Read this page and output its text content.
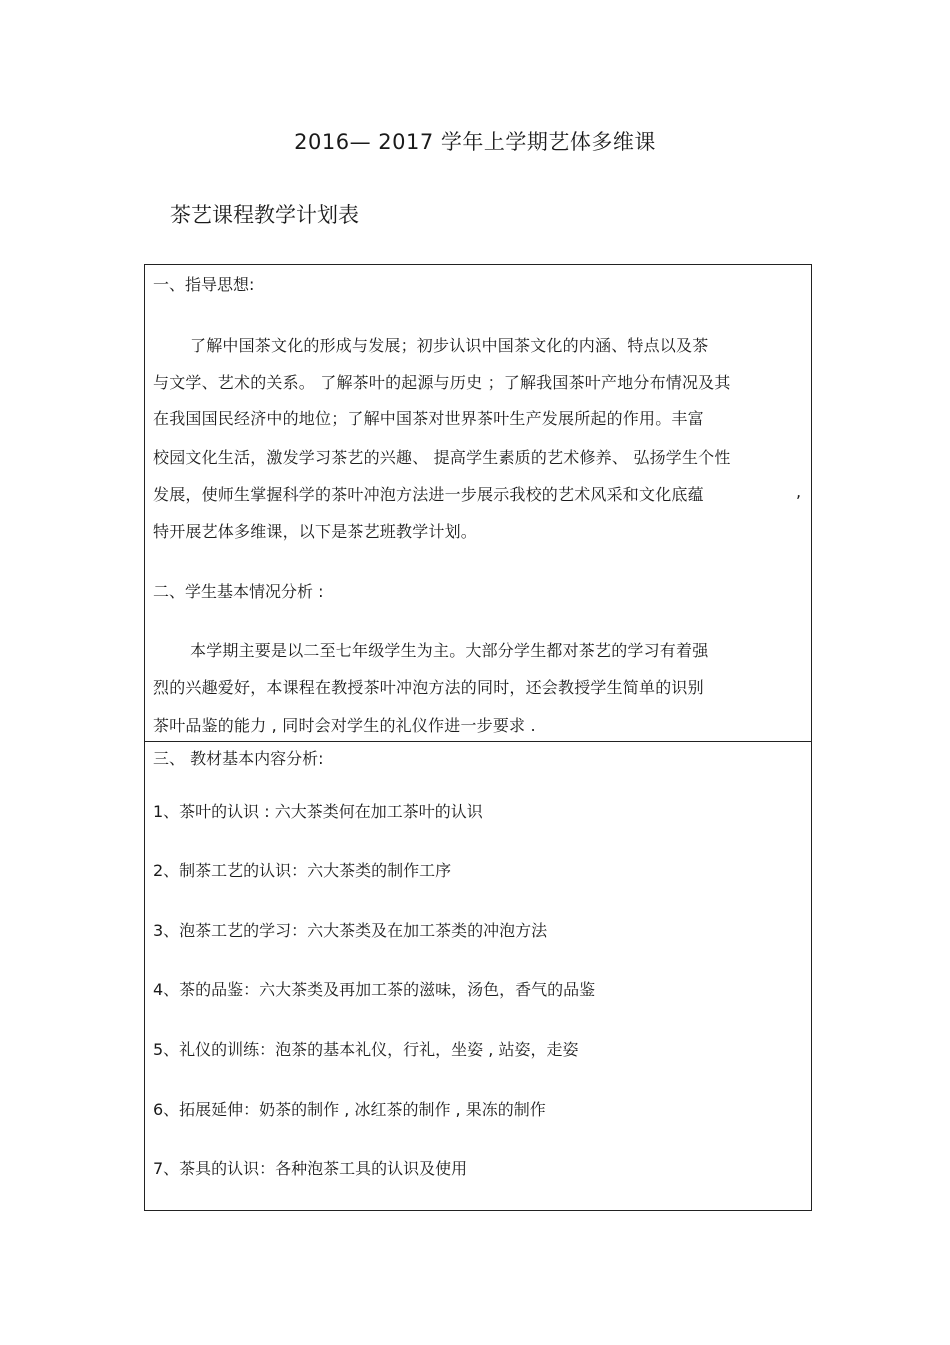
2016— 2017 学年上学期艺体多维课
茶艺课程教学计划表
一、指导思想:
了解中国茶文化的形成与发展；初步认识中国茶文化的内涵、特点以及茶
与文学、艺术的关系。 了解茶叶的起源与历史 ；了解我国茶叶产地分布情况及其
在我国国民经济中的地位；了解中国茶对世界茶叶生产发展所起的作用。丰富
校园文化生活，激发学习茶艺的兴趣、 提高学生素质的艺术修养、 弘扬学生个性
发展，使师生掌握科学的茶叶冲泡方法进一步展示我校的艺术风采和文化底蕴	,
特开展艺体多维课，以下是茶艺班教学计划。
二、学生基本情况分析 :
本学期主要是以二至七年级学生为主。大部分学生都对茶艺的学习有着强
烈的兴趣爱好，本课程在教授茶叶冲泡方法的同时，还会教授学生简单的识别
茶叶品鉴的能力 , 同时会对学生的礼仪作进一步要求 .
三、 教材基本内容分析:
1、茶叶的认识 : 六大茶类何在加工茶叶的认识
2、制茶工艺的认识：六大茶类的制作工序
3、泡茶工艺的学习：六大茶类及在加工茶类的冲泡方法
4、茶的品鉴：六大茶类及再加工茶的滋味，汤色，香气的品鉴
5、礼仪的训练：泡茶的基本礼仪，行礼，坐姿 , 站姿，走姿
6、拓展延伸：奶茶的制作 , 冰红茶的制作 , 果冻的制作
7、茶具的认识：各种泡茶工具的认识及使用
